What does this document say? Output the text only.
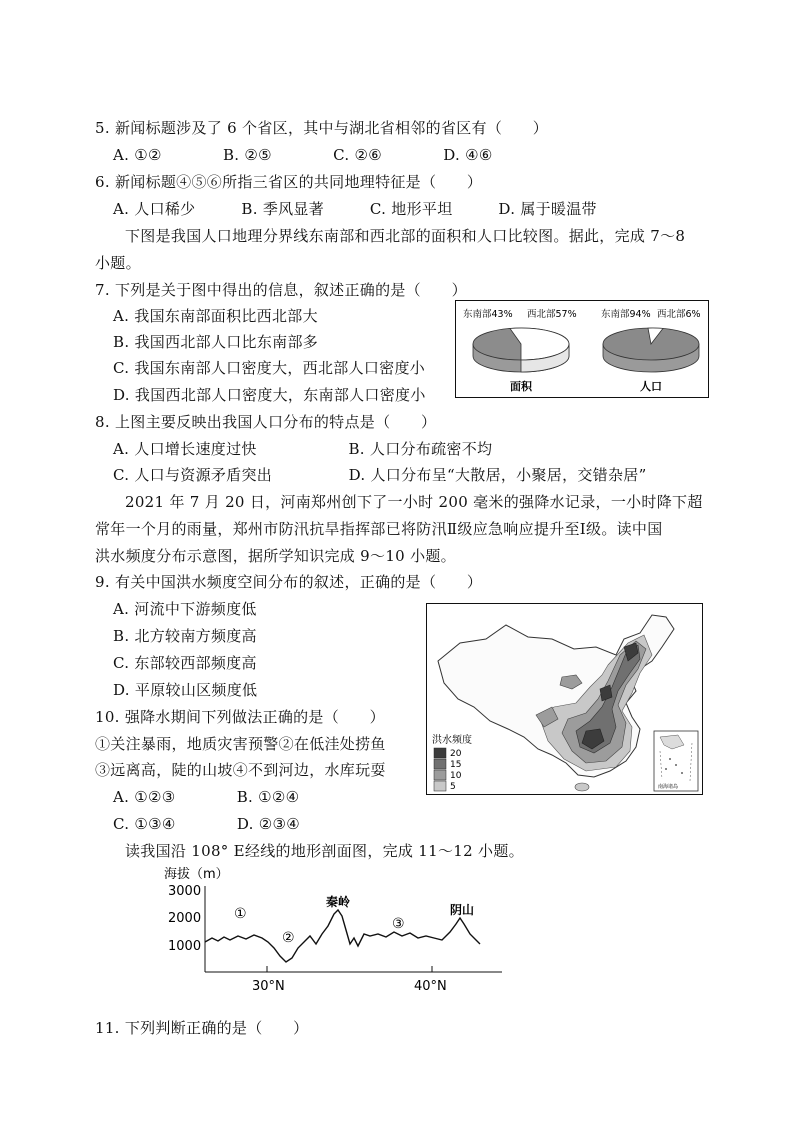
5. 新闻标题涉及了 6 个省区，其中与湖北省相邻的省区有（　　）
A. ①②　　　　B. ②⑤　　　　C. ②⑥　　　　D. ④⑥
6. 新闻标题④⑤⑥所指三省区的共同地理特征是（　　）
A. 人口稀少　　　B. 季风显著　　　C. 地形平坦　　　D. 属于暖温带
下图是我国人口地理分界线东南部和西北部的面积和人口比较图。据此，完成 7～8
小题。
7. 下列是关于图中得出的信息，叙述正确的是（　　）
A. 我国东南部面积比西北部大
B. 我国西北部人口比东南部多
C. 我国东南部人口密度大，西北部人口密度小
D. 我国西北部人口密度大，东南部人口密度小
东南部43% 西北部57%
面积
东南部94% 西北部6%
人口
8. 上图主要反映出我国人口分布的特点是（　　）
A. 人口增长速度过快　　　　　　B. 人口分布疏密不均
C. 人口与资源矛盾突出　　　　　D. 人口分布呈“大散居，小聚居，交错杂居”
2021 年 7 月 20 日，河南郑州创下了一小时 200 毫米的强降水记录，一小时降下超
常年一个月的雨量，郑州市防汛抗旱指挥部已将防汛Ⅱ级应急响应提升至Ⅰ级。读中国
洪水频度分布示意图，据所学知识完成 9～10 小题。
9. 有关中国洪水频度空间分布的叙述，正确的是（　　）
A. 河流中下游频度低
B. 北方较南方频度高
C. 东部较西部频度高
D. 平原较山区频度低
洪水频度
20
15
10
5	南海诸岛
10. 强降水期间下列做法正确的是（　　）
①关注暴雨，地质灾害预警②在低洼处捞鱼
③远离高，陡的山坡④不到河边，水库玩耍
A. ①②③　　　　B. ①②④
C. ①③④　　　　D. ②③④
读我国沿 108° E经线的地形剖面图，完成 11～12 小题。
海拔（m）
3000
2000
1000
30°N	40°N
①
②
③
秦岭
阴山
11. 下列判断正确的是（　　）
